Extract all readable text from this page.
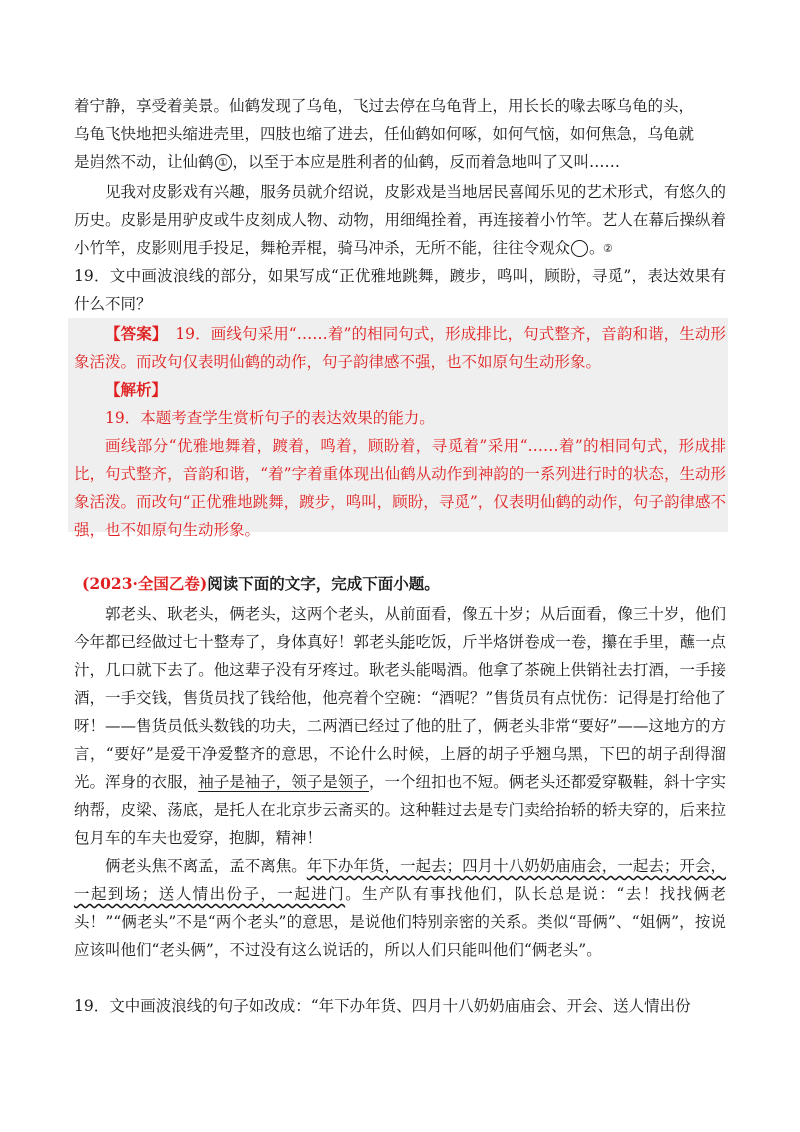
着宁静，享受着美景。仙鹤发现了乌龟，飞过去停在乌龟背上，用长长的喙去啄乌龟的头，
乌龟飞快地把头缩进壳里，四肢也缩了进去，任仙鹤如何啄，如何气恼，如何焦急，乌龟就
是岿然不动，让仙鹤 ① ，以至于本应是胜利者的仙鹤，反而着急地叫了又叫……
见我对皮影戏有兴趣，服务员就介绍说，皮影戏是当地居民喜闻乐见的艺术形式，有悠久的历史。皮影是用驴皮或牛皮刻成人物、动物，用细绳拴着，再连接着小竹竿。艺人在幕后操纵着小竹竿，皮影则甩手投足，舞枪弄棍，骑马冲杀，无所不能，往往令观众	②。
19．文中画波浪线的部分，如果写成“正优雅地跳舞，踱步，鸣叫，顾盼，寻觅”，表达效果有什么不同？
【答案】　19．画线句采用“……着”的相同句式，形成排比，句式整齐，音韵和谐，生动形象活泼。而改句仅表明仙鹤的动作，句子韵律感不强，也不如原句生动形象。
【解析】
19．本题考查学生赏析句子的表达效果的能力。
画线部分“优雅地舞着，踱着，鸣着，顾盼着，寻觅着”采用“……着”的相同句式，形成排比，句式整齐，音韵和谐，“着”字着重体现出仙鹤从动作到神韵的一系列进行时的状态，生动形象活泼。而改句“正优雅地跳舞，踱步，鸣叫，顾盼，寻觅”，仅表明仙鹤的动作，句子韵律感不强，也不如原句生动形象。
(2023·全国乙卷)阅读下面的文字，完成下面小题。
郭老头、耿老头，俩老头，这两个老头，从前面看，像五十岁；从后面看，像三十岁，他们今年都已经做过七十整寿了，身体真好！郭老头能吃饭，斤半烙饼卷成一卷，攥在手里，蘸一点汁，几口就下去了。他这辈子没有牙疼过。耿老头能喝酒。他拿了茶碗上供销社去打酒，一手接酒，一手交钱，售货员找了钱给他，他亮着个空碗：“酒呢？”售货员有点忧伤：记得是打给他了呀！——售货员低头数钱的功夫，二两酒已经过了他的肚了，俩老头非常“要好”——这地方的方言，“要好”是爱干净爱整齐的意思，不论什么时候，上唇的胡子乎翘乌黑，下巴的胡子刮得溜光。浑身的衣服，袖子是袖子，领子是领子，一个纽扣也不短。俩老头还都爱穿靸鞋，斜十字实纳帮，皮梁、荡底，是托人在北京步云斋买的。这种鞋过去是专门卖给抬轿的轿夫穿的，后来拉包月车的车夫也爱穿，抱脚，精神！
俩老头焦不离孟，孟不离焦。年下办年货，一起去；四月十八奶奶庙庙会，一起去；开会，一起到场；送人情出份子，一起进门。生产队有事找他们，队长总是说：“去！找找俩老头！”“俩老头”不是“两个老头”的意思，是说他们特别亲密的关系。类似“哥俩”、“姐俩”，按说应该叫他们“老头俩”，不过没有这么说话的，所以人们只能叫他们“俩老头”。
19．文中画波浪线的句子如改成：“年下办年货、四月十八奶奶庙庙会、开会、送人情出份
